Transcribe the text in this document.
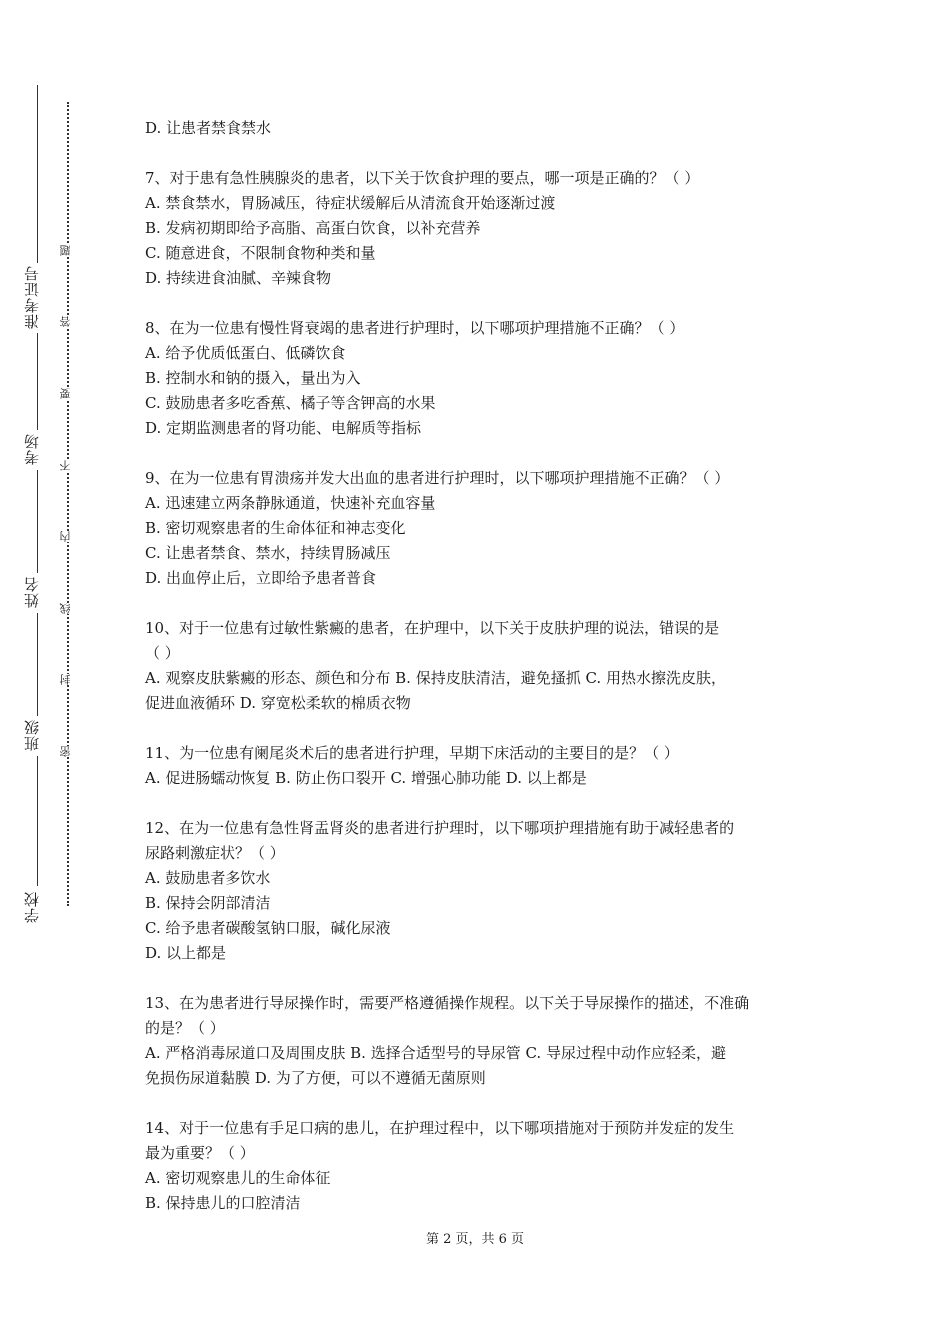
准考证号
考场
姓名
班级
学校
题
答
要
不
内
线
封
密

D. 让患者禁食禁水

7、对于患有急性胰腺炎的患者，以下关于饮食护理的要点，哪一项是正确的？（ ）

A. 禁食禁水，胃肠减压，待症状缓解后从清流食开始逐渐过渡

B. 发病初期即给予高脂、高蛋白饮食，以补充营养

C. 随意进食，不限制食物种类和量

D. 持续进食油腻、辛辣食物

8、在为一位患有慢性肾衰竭的患者进行护理时，以下哪项护理措施不正确？（ ）

A. 给予优质低蛋白、低磷饮食

B. 控制水和钠的摄入，量出为入

C. 鼓励患者多吃香蕉、橘子等含钾高的水果

D. 定期监测患者的肾功能、电解质等指标

9、在为一位患有胃溃疡并发大出血的患者进行护理时，以下哪项护理措施不正确？（ ）

A. 迅速建立两条静脉通道，快速补充血容量

B. 密切观察患者的生命体征和神志变化

C. 让患者禁食、禁水，持续胃肠减压

D. 出血停止后，立即给予患者普食

10、对于一位患有过敏性紫癜的患者，在护理中，以下关于皮肤护理的说法，错误的是

（ ）

A. 观察皮肤紫癜的形态、颜色和分布 B. 保持皮肤清洁，避免搔抓 C. 用热水擦洗皮肤，

促进血液循环 D. 穿宽松柔软的棉质衣物

11、为一位患有阑尾炎术后的患者进行护理，早期下床活动的主要目的是？（ ）

A. 促进肠蠕动恢复 B. 防止伤口裂开 C. 增强心肺功能 D. 以上都是

12、在为一位患有急性肾盂肾炎的患者进行护理时，以下哪项护理措施有助于减轻患者的

尿路刺激症状？（ ）

A. 鼓励患者多饮水

B. 保持会阴部清洁

C. 给予患者碳酸氢钠口服，碱化尿液

D. 以上都是

13、在为患者进行导尿操作时，需要严格遵循操作规程。以下关于导尿操作的描述，不准确

的是？（ ）

A. 严格消毒尿道口及周围皮肤 B. 选择合适型号的导尿管 C. 导尿过程中动作应轻柔，避

免损伤尿道黏膜 D. 为了方便，可以不遵循无菌原则

14、对于一位患有手足口病的患儿，在护理过程中，以下哪项措施对于预防并发症的发生

最为重要？（ ）

A. 密切观察患儿的生命体征

B. 保持患儿的口腔清洁

第 2 页，共 6 页
